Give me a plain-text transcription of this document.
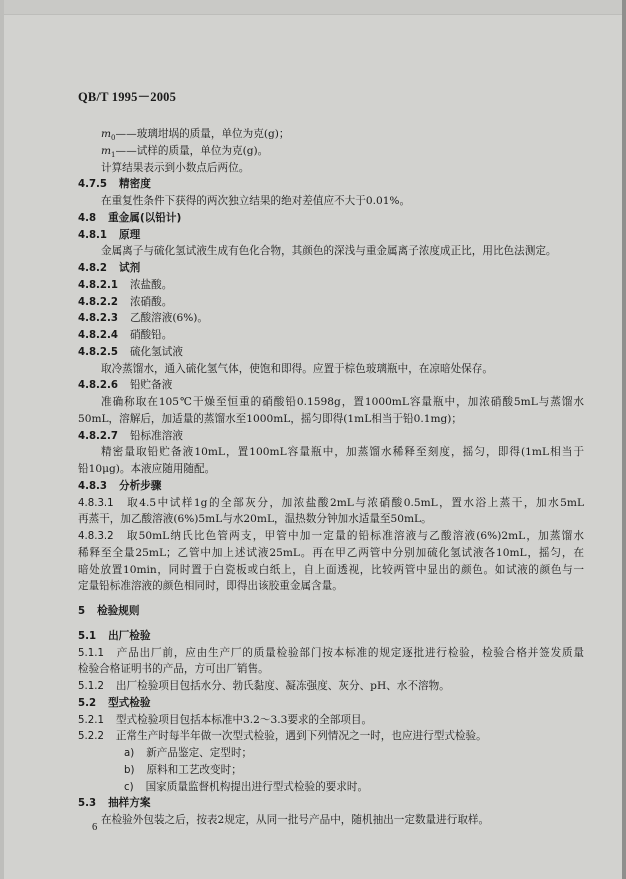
QB/T 1995－2005
$m_0——$玻璃坩埚的质量，单位为克(g)；
$m_1——$试样的质量，单位为克(g)。
计算结果表示到小数点后两位。
4.7.5 精密度
在重复性条件下获得的两次独立结果的绝对差值应不大于0.01%。
4.8 重金属(以铅计)
4.8.1 原理
金属离子与硫化氢试液生成有色化合物，其颜色的深浅与重金属离子浓度成正比，用比色法测定。
4.8.2 试剂
4.8.2.1 浓盐酸。
4.8.2.2 浓硝酸。
4.8.2.3 乙酸溶液(6%)。
4.8.2.4 硝酸铅。
4.8.2.5 硫化氢试液
取冷蒸馏水，通入硫化氢气体，使饱和即得。应置于棕色玻璃瓶中，在凉暗处保存。
4.8.2.6 铅贮备液
准确称取在105℃干燥至恒重的硝酸铅0.1598g，置1000mL容量瓶中，加浓硝酸5mL与蒸馏水
50mL，溶解后，加适量的蒸馏水至1000mL，摇匀即得(1mL相当于铅0.1mg)；
4.8.2.7 铅标准溶液
精密量取铅贮备液10mL，置100mL容量瓶中，加蒸馏水稀释至刻度，摇匀，即得(1mL相当于
铅10μg)。本液应随用随配。
4.8.3 分析步骤
4.8.3.1 取4.5中试样1g的全部灰分，加浓盐酸2mL与浓硝酸0.5mL，置水浴上蒸干，加水5mL
再蒸干，加乙酸溶液(6%)5mL与水20mL，温热数分钟加水适量至50mL。
4.8.3.2 取50mL纳氏比色管两支，甲管中加一定量的铅标准溶液与乙酸溶液(6%)2mL，加蒸馏水
稀释至全量25mL；乙管中加上述试液25mL。再在甲乙两管中分别加硫化氢试液各10mL，摇匀，在
暗处放置10min，同时置于白瓷板或白纸上，自上面透视，比较两管中显出的颜色。如试液的颜色与一
定量铅标准溶液的颜色相同时，即得出该胶重金属含量。
5 检验规则
5.1 出厂检验
5.1.1 产品出厂前，应由生产厂的质量检验部门按本标准的规定逐批进行检验，检验合格并签发质量
检验合格证明书的产品，方可出厂销售。
5.1.2 出厂检验项目包括水分、勃氏黏度、凝冻强度、灰分、pH、水不溶物。
5.2 型式检验
5.2.1 型式检验项目包括本标准中3.2～3.3要求的全部项目。
5.2.2 正常生产时每半年做一次型式检验，遇到下列情况之一时，也应进行型式检验。
a) 新产品鉴定、定型时；
b) 原料和工艺改变时；
c) 国家质量监督机构提出进行型式检验的要求时。
5.3 抽样方案
在检验外包装之后，按表2规定，从同一批号产品中，随机抽出一定数量进行取样。
6
